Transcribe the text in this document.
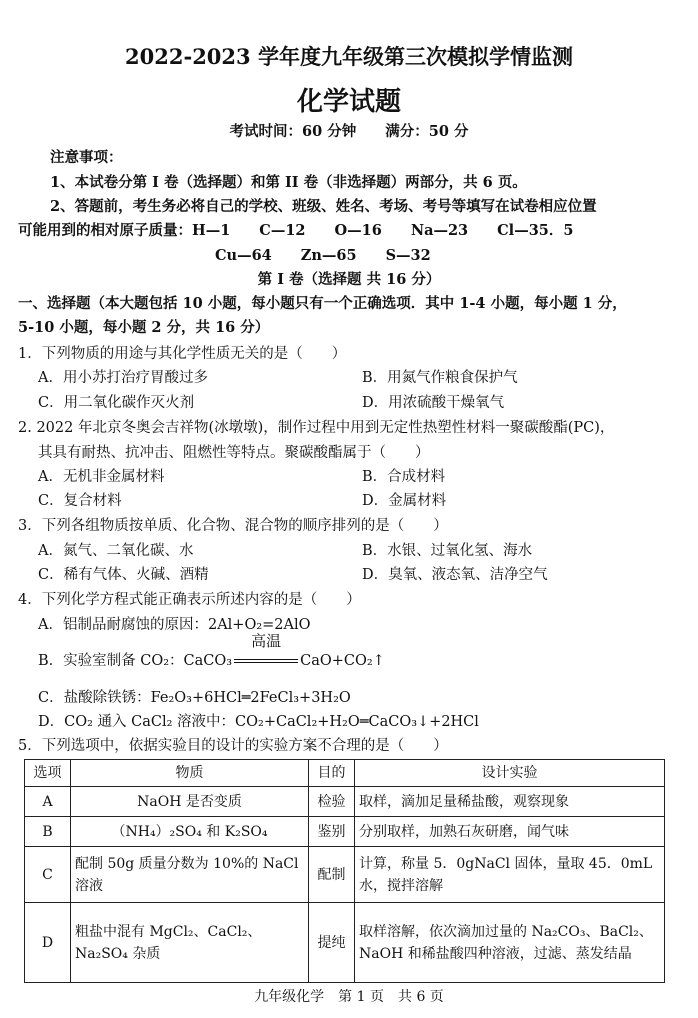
2022-2023 学年度九年级第三次模拟学情监测
化学试题
考试时间：60 分钟　　满分：50 分
注意事项：
1、本试卷分第 I 卷（选择题）和第 II 卷（非选择题）两部分，共 6 页。
2、答题前，考生务必将自己的学校、班级、姓名、考场、考号等填写在试卷相应位置
可能用到的相对原子质量：H—1　　C—12　　O—16　　Na—23　　Cl—35．5
Cu—64　　Zn—65　　S—32
第 I 卷（选择题 共 16 分）
一、选择题（本大题包括 10 小题，每小题只有一个正确选项．其中 1-4 小题，每小题 1 分，
5-10 小题，每小题 2 分，共 16 分）
1．下列物质的用途与其化学性质无关的是（　　）
A．用小苏打治疗胃酸过多	B．用氮气作粮食保护气
C．用二氧化碳作灭火剂	D．用浓硫酸干燥氧气
2. 2022 年北京冬奥会吉祥物(冰墩墩)，制作过程中用到无定性热塑性材料一聚碳酸酯(PC)，
其具有耐热、抗冲击、阻燃性等特点。聚碳酸酯属于（　　）
A．无机非金属材料	B．合成材料
C．复合材料	D．金属材料
3．下列各组物质按单质、化合物、混合物的顺序排列的是（　　）
A．氮气、二氧化碳、水	B．水银、过氧化氢、海水
C．稀有气体、火碱、酒精	D．臭氧、液态氧、洁净空气
4．下列化学方程式能正确表示所述内容的是（　　）
A．铝制品耐腐蚀的原因：2Al+O₂=2AlO
B．实验室制备 CO₂：CaCO₃
高温
CaO+CO₂↑
C．盐酸除铁锈：Fe₂O₃+6HCl═2FeCl₃+3H₂O
D．CO₂ 通入 CaCl₂ 溶液中：CO₂+CaCl₂+H₂O═CaCO₃↓+2HCl
5．下列选项中，依据实验目的设计的实验方案不合理的是（　　）
选项	物质	目的	设计实验
A	NaOH 是否变质	检验	取样，滴加足量稀盐酸，观察现象
B	（NH₄）₂SO₄ 和 K₂SO₄	鉴别	分别取样，加熟石灰研磨，闻气味
C	配制 50g 质量分数为 10%的 NaCl 溶液	配制	计算，称量 5．0gNaCl 固体，量取 45．0mL 水，搅拌溶解
D	粗盐中混有 MgCl₂、CaCl₂、Na₂SO₄ 杂质	提纯	取样溶解，依次滴加过量的 Na₂CO₃、BaCl₂、NaOH 和稀盐酸四种溶液，过滤、蒸发结晶
九年级化学　第 1 页　共 6 页
